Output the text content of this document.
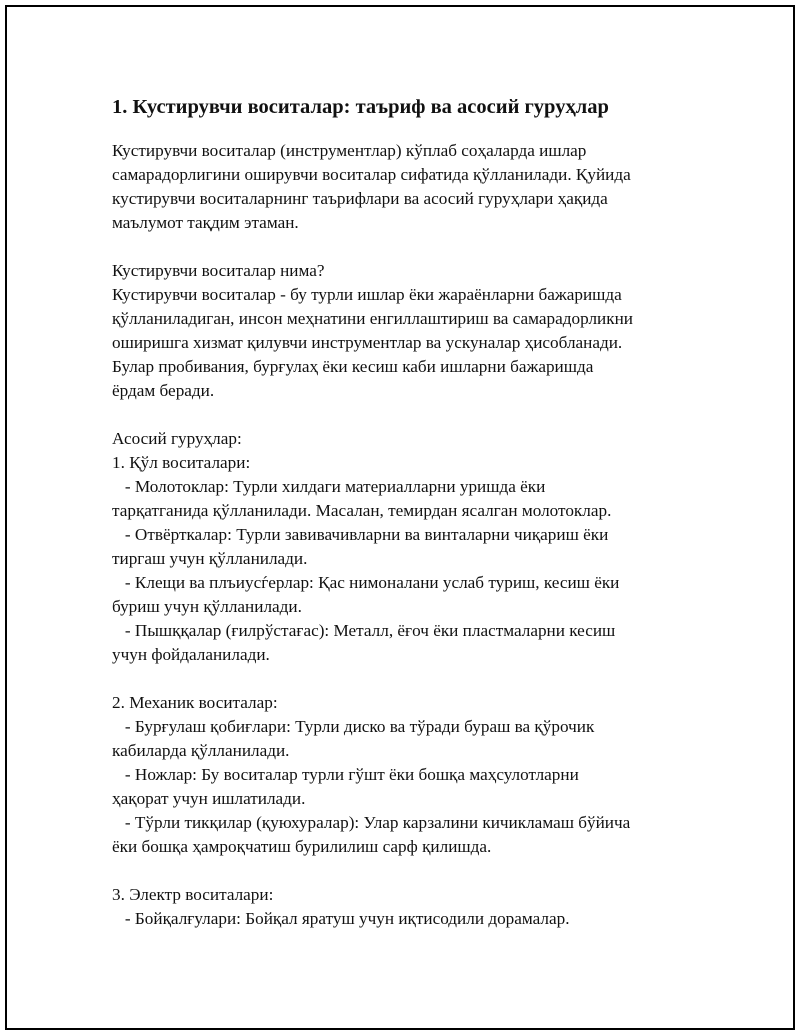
1. Кустирувчи воситалар: таъриф ва асосий гуруҳлар
Кустирувчи воситалар (инструментлар) кўплаб соҳаларда ишлар
самарадорлигини оширувчи воситалар сифатида қўлланилади. Қуйида
кустирувчи воситаларнинг таърифлари ва асосий гуруҳлари ҳақида
маълумот тақдим этаман.
Кустирувчи воситалар нима?
Кустирувчи воситалар - бу турли ишлар ёки жараёнларни бажаришда
қўлланиладиган, инсон меҳнатини енгиллаштириш ва самарадорликни
оширишга хизмат қилувчи инструментлар ва ускуналар ҳисобланади.
Булар пробивания, бурғулаҳ ёки кесиш каби ишларни бажаришда
ёрдам беради.
Асосий гуруҳлар:
1. Қўл воситалари:
- Молотоклар: Турли хилдаги материалларни уришда ёки
тарқатганида қўлланилади. Масалан, темирдан ясалган молотоклар.
- Отвёрткалар: Турли завивачивларни ва винталарни чиқариш ёки
тиргаш учун қўлланилади.
- Клещи ва плъиусѓерлар: Қас нимоналани услаб туриш, кесиш ёки
буриш учун қўлланилади.
- Пышққалар (ғилрўстағас): Металл, ёғоч ёки пластмаларни кесиш
учун фойдаланилади.
2. Механик воситалар:
- Бурғулаш қобиғлари: Турли диско ва тўради бураш ва қўрочик
кабиларда қўлланилади.
- Ножлар: Бу воситалар турли гўшт ёки бошқа маҳсулотларни
ҳақорат учун ишлатилади.
- Тўрли тикқилар (қуюхуралар): Улар карзалини кичикламаш бўйича
ёки бошқа ҳамроқчатиш бурилилиш сарф қилишда.
3. Электр воситалари:
- Бойқалғулари: Бойқал яратуш учун иқтисодили дорамалар.
